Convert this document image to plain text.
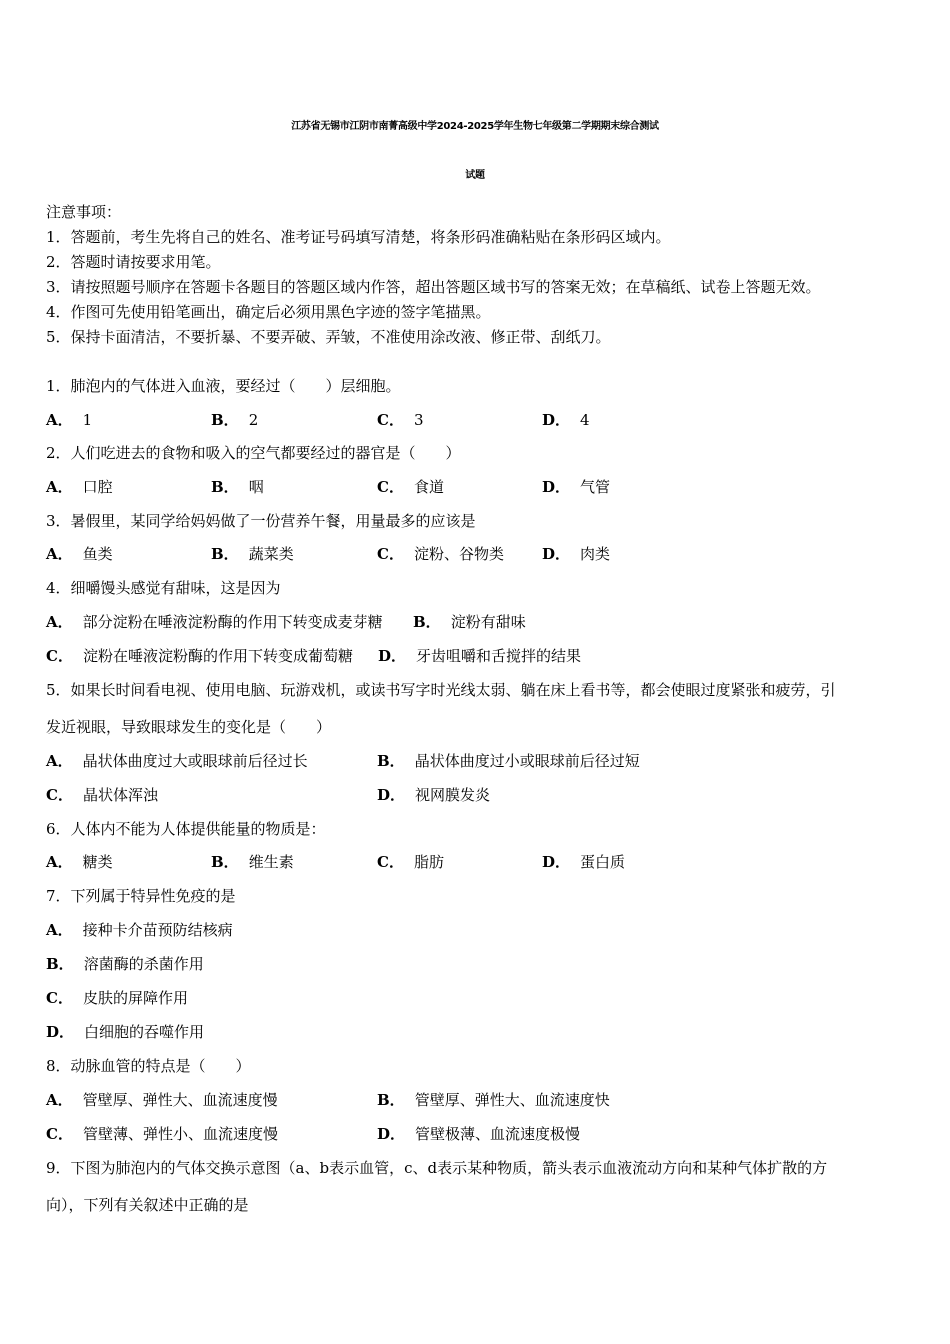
江苏省无锡市江阴市南菁高级中学2024-2025学年生物七年级第二学期期末综合测试
试题
注意事项：
1．答题前，考生先将自己的姓名、准考证号码填写清楚，将条形码准确粘贴在条形码区域内。
2．答题时请按要求用笔。
3．请按照题号顺序在答题卡各题目的答题区域内作答，超出答题区域书写的答案无效；在草稿纸、试卷上答题无效。
4．作图可先使用铅笔画出，确定后必须用黑色字迹的签字笔描黑。
5．保持卡面清洁，不要折暴、不要弄破、弄皱，不准使用涂改液、修正带、刮纸刀。
1．肺泡内的气体进入血液，要经过（　　）层细胞。
A． 1	B． 2	C． 3	D． 4
2．人们吃进去的食物和吸入的空气都要经过的器官是（　　）
A． 口腔	B． 咽	C． 食道	D． 气管
3．暑假里，某同学给妈妈做了一份营养午餐，用量最多的应该是
A． 鱼类	B． 蔬菜类	C． 淀粉、谷物类	D． 肉类
4．细嚼馒头感觉有甜味，这是因为
A． 部分淀粉在唾液淀粉酶的作用下转变成麦芽糖 B． 淀粉有甜味
C． 淀粉在唾液淀粉酶的作用下转变成葡萄糖 D． 牙齿咀嚼和舌搅拌的结果
5．如果长时间看电视、使用电脑、玩游戏机，或读书写字时光线太弱、躺在床上看书等，都会使眼过度紧张和疲劳，引
发近视眼，导致眼球发生的变化是（　　）
A． 晶状体曲度过大或眼球前后径过长	B． 晶状体曲度过小或眼球前后径过短
C． 晶状体浑浊	D． 视网膜发炎
6．人体内不能为人体提供能量的物质是：
A． 糖类	B． 维生素	C． 脂肪	D． 蛋白质
7．下列属于特异性免疫的是
A． 接种卡介苗预防结核病
B． 溶菌酶的杀菌作用
C． 皮肤的屏障作用
D． 白细胞的吞噬作用
8．动脉血管的特点是（　　）
A． 管壁厚、弹性大、血流速度慢	B． 管壁厚、弹性大、血流速度快
C． 管壁薄、弹性小、血流速度慢	D． 管壁极薄、血流速度极慢
9．下图为肺泡内的气体交换示意图（a、b表示血管，c、d表示某种物质，箭头表示血液流动方向和某种气体扩散的方
向），下列有关叙述中正确的是
